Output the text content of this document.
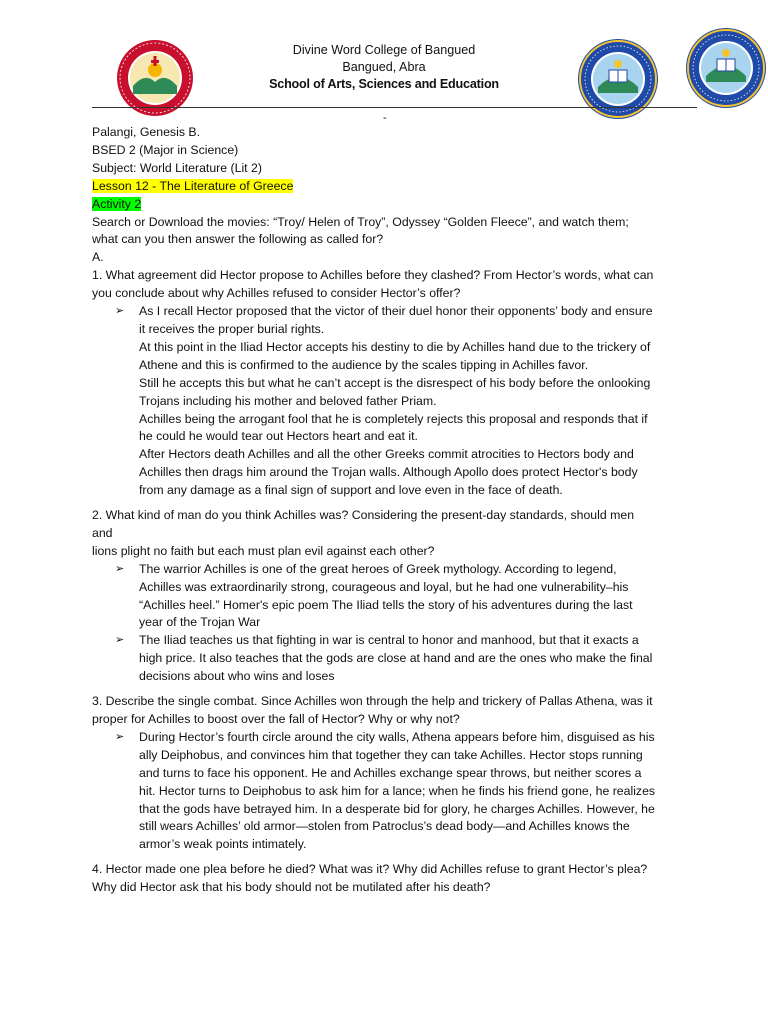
Divine Word College of Bangued
Bangued, Abra
School of Arts, Sciences and Education
-
Palangi, Genesis B.
BSED 2 (Major in Science)
Subject: World Literature (Lit 2)
Lesson 12 - The Literature of Greece
Activity 2
Search or Download the movies: “Troy/ Helen of Troy”, Odyssey “Golden Fleece”, and watch them;
what can you then answer the following as called for?
A.
1. What agreement did Hector propose to Achilles before they clashed? From Hector’s words, what can
you conclude about why Achilles refused to consider Hector’s offer?
➢ As I recall Hector proposed that the victor of their duel honor their opponents’ body and ensure
it receives the proper burial rights.
At this point in the Iliad Hector accepts his destiny to die by Achilles hand due to the trickery of
Athene and this is confirmed to the audience by the scales tipping in Achilles favor.
Still he accepts this but what he can’t accept is the disrespect of his body before the onlooking
Trojans including his mother and beloved father Priam.
Achilles being the arrogant fool that he is completely rejects this proposal and responds that if
he could he would tear out Hectors heart and eat it.
After Hectors death Achilles and all the other Greeks commit atrocities to Hectors body and
Achilles then drags him around the Trojan walls. Although Apollo does protect Hector's body
from any damage as a final sign of support and love even in the face of death.
2. What kind of man do you think Achilles was? Considering the present-day standards, should men
and
lions plight no faith but each must plan evil against each other?
➢ The warrior Achilles is one of the great heroes of Greek mythology. According to legend,
Achilles was extraordinarily strong, courageous and loyal, but he had one vulnerability–his
“Achilles heel.” Homer's epic poem The Iliad tells the story of his adventures during the last
year of the Trojan War
➢ The Iliad teaches us that fighting in war is central to honor and manhood, but that it exacts a
high price. It also teaches that the gods are close at hand and are the ones who make the final
decisions about who wins and loses
3. Describe the single combat. Since Achilles won through the help and trickery of Pallas Athena, was it
proper for Achilles to boost over the fall of Hector? Why or why not?
➢ During Hector’s fourth circle around the city walls, Athena appears before him, disguised as his
ally Deiphobus, and convinces him that together they can take Achilles. Hector stops running
and turns to face his opponent. He and Achilles exchange spear throws, but neither scores a
hit. Hector turns to Deiphobus to ask him for a lance; when he finds his friend gone, he realizes
that the gods have betrayed him. In a desperate bid for glory, he charges Achilles. However, he
still wears Achilles’ old armor—stolen from Patroclus’s dead body—and Achilles knows the
armor’s weak points intimately.
4. Hector made one plea before he died? What was it? Why did Achilles refuse to grant Hector’s plea?
Why did Hector ask that his body should not be mutilated after his death?
